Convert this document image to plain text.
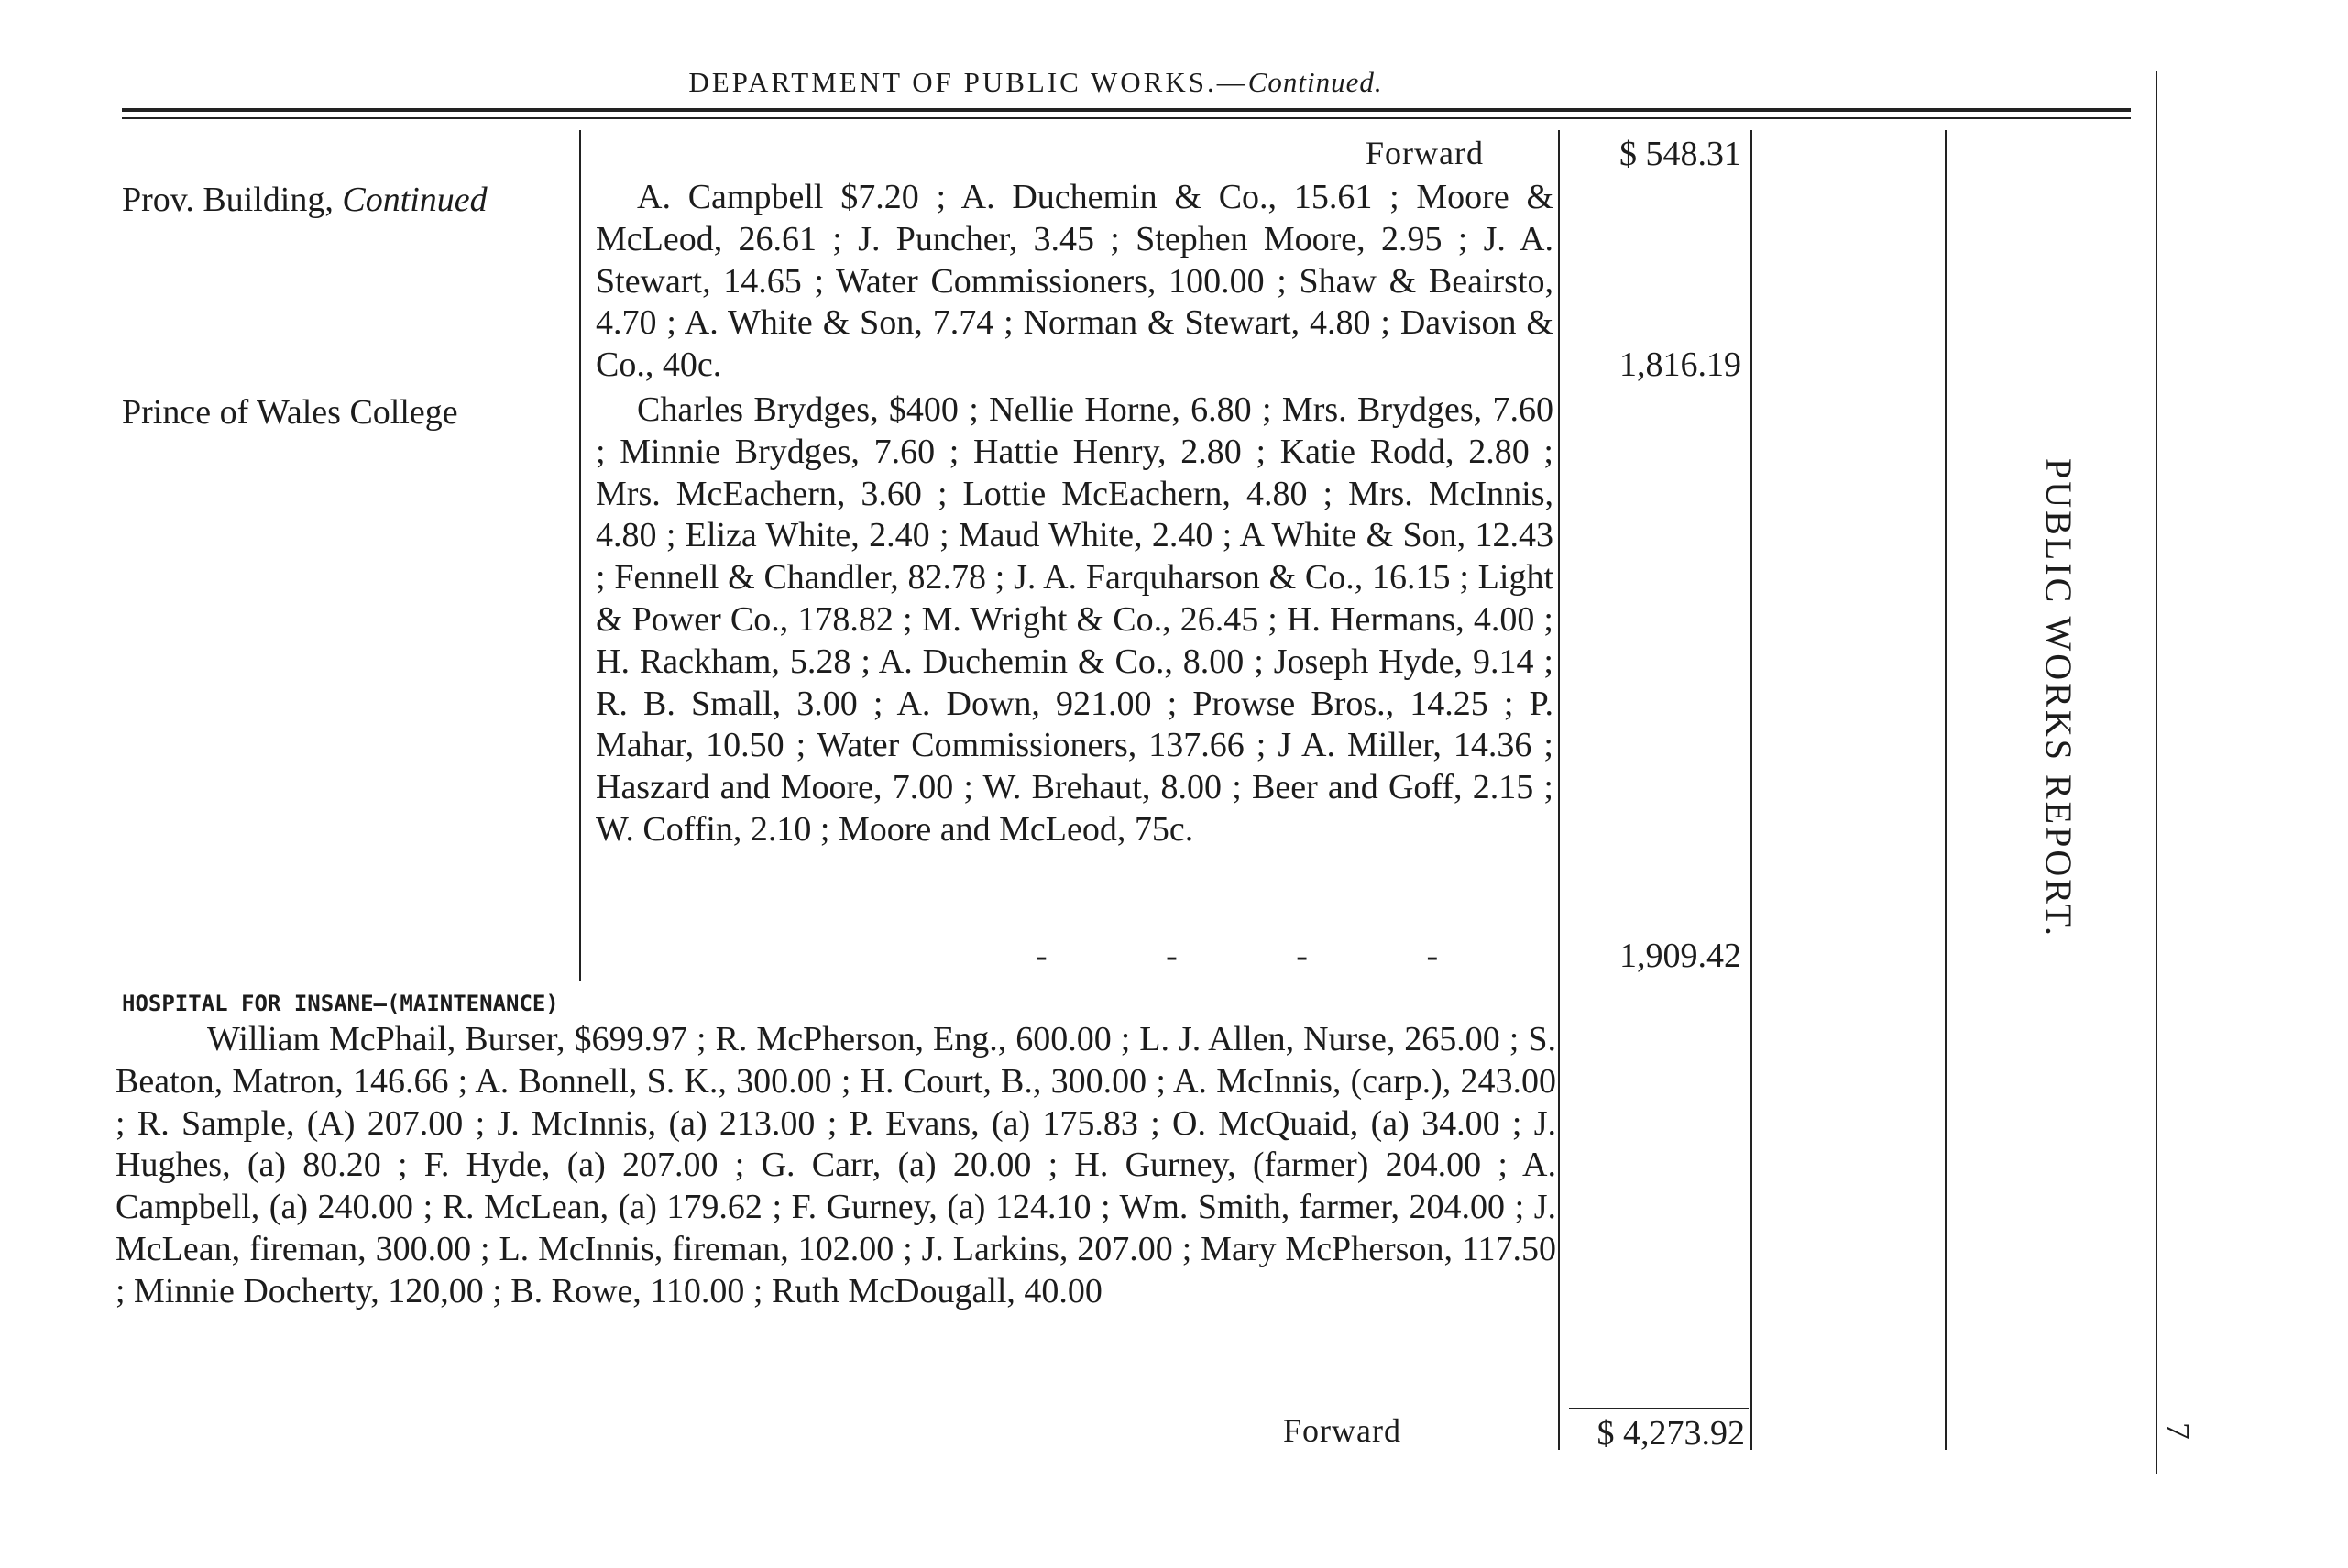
DEPARTMENT OF PUBLIC WORKS.—Continued.
Forward	$ 548.31
Prov. Building, Continued	A. Campbell $7.20 ; A. Duchemin & Co., 15.61 ; Moore & McLeod, 26.61 ; J. Puncher, 3.45 ; Stephen Moore, 2.95 ; J. A. Stewart, 14.65 ; Water Commissioners, 100.00 ; Shaw & Beairsto, 4.70 ; A. White & Son, 7.74 ; Norman & Stewart, 4.80 ; Davison & Co., 40c.	1,816.19
Prince of Wales College	Charles Brydges, $400 ; Nellie Horne, 6.80 ; Mrs. Brydges, 7.60 ; Minnie Brydges, 7.60 ; Hattie Henry, 2.80 ; Katie Rodd, 2.80 ; Mrs. McEachern, 3.60 ; Lottie McEachern, 4.80 ; Mrs. McInnis, 4.80 ; Eliza White, 2.40 ; Maud White, 2.40 ; A White & Son, 12.43 ; Fennell & Chandler, 82.78 ; J. A. Farquharson & Co., 16.15 ; Light & Power Co., 178.82 ; M. Wright & Co., 26.45 ; H. Hermans, 4.00 ; H. Rackham, 5.28 ; A. Duchemin & Co., 8.00 ; Joseph Hyde, 9.14 ; R. B. Small, 3.00 ; A. Down, 921.00 ; Prowse Bros., 14.25 ; P. Mahar, 10.50 ; Water Commissioners, 137.66 ; J A. Miller, 14.36 ; Haszard and Moore, 7.00 ; W. Brehaut, 8.00 ; Beer and Goff, 2.15 ; W. Coffin, 2.10 ; Moore and McLeod, 75c.
- - - -	1,909.42
HOSPITAL FOR INSANE—(MAINTENANCE)
William McPhail, Burser, $699.97 ; R. McPherson, Eng., 600.00 ; L. J. Allen, Nurse, 265.00 ; S. Beaton, Matron, 146.66 ; A. Bonnell, S. K., 300.00 ; H. Court, B., 300.00 ; A. McInnis, (carp.), 243.00 ; R. Sample, (A) 207.00 ; J. McInnis, (a) 213.00 ; P. Evans, (a) 175.83 ; O. McQuaid, (a) 34.00 ; J. Hughes, (a) 80.20 ; F. Hyde, (a) 207.00 ; G. Carr, (a) 20.00 ; H. Gurney, (farmer) 204.00 ; A. Campbell, (a) 240.00 ; R. McLean, (a) 179.62 ; F. Gurney, (a) 124.10 ; Wm. Smith, farmer, 204.00 ; J. McLean, fireman, 300.00 ; L. McInnis, fireman, 102.00 ; J. Larkins, 207.00 ; Mary McPherson, 117.50 ; Minnie Docherty, 120,00 ; B. Rowe, 110.00 ; Ruth McDougall, 40.00
Forward	$ 4,273.92
PUBLIC WORKS REPORT.
7
